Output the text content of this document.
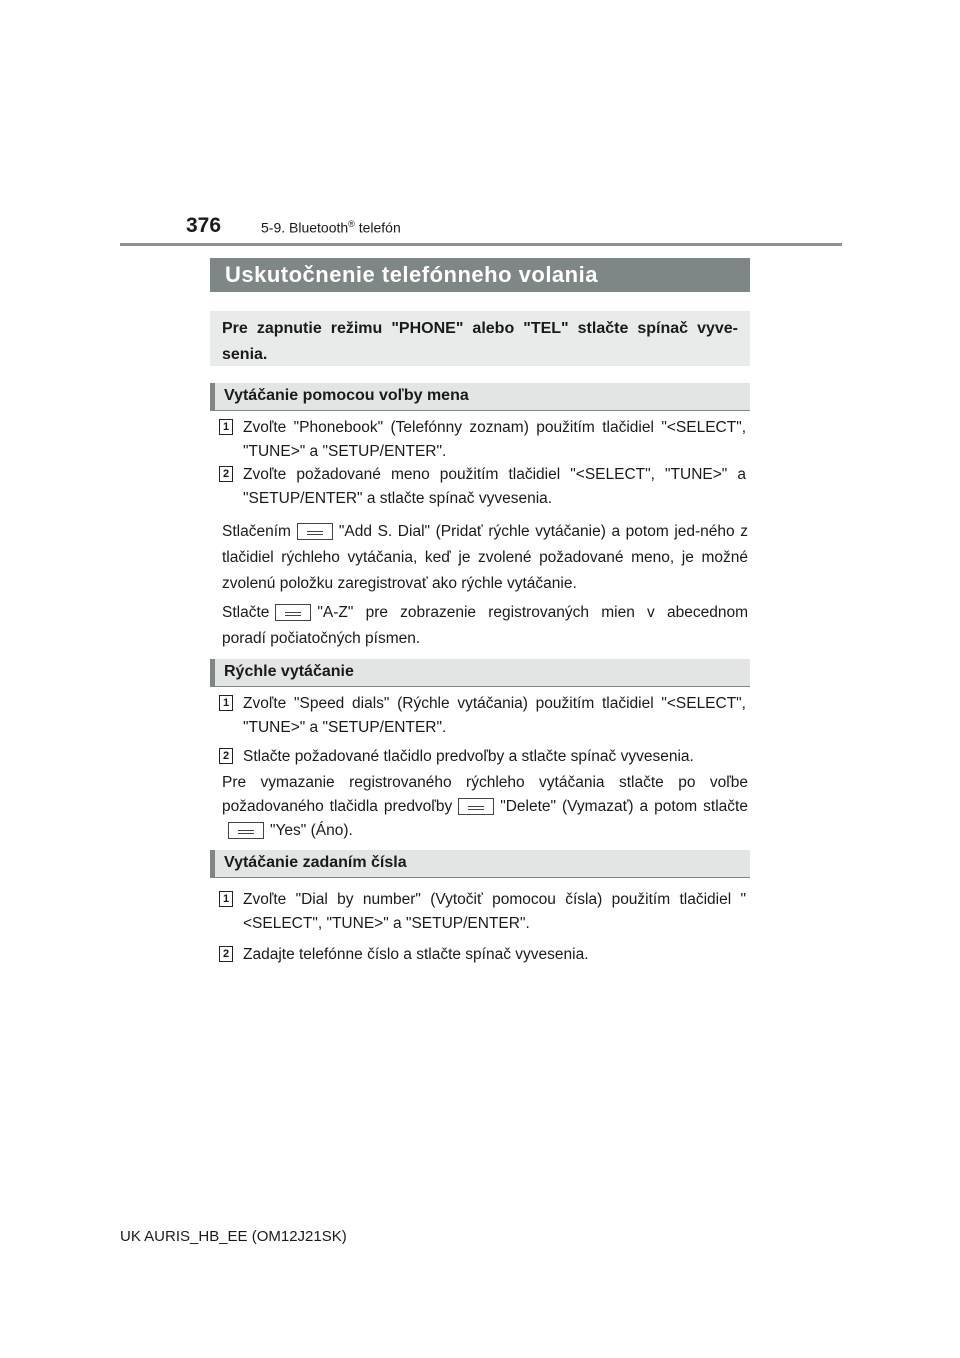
376	5-9. Bluetooth® telefón
Uskutočnenie telefónneho volania
Pre zapnutie režimu "PHONE" alebo "TEL" stlačte spínač vyve-senia.
Vytáčanie pomocou voľby mena
1 Zvoľte "Phonebook" (Telefónny zoznam) použitím tlačidiel "<SELECT", "TUNE>" a "SETUP/ENTER".
2 Zvoľte požadované meno použitím tlačidiel "<SELECT", "TUNE>" a "SETUP/ENTER" a stlačte spínač vyvesenia.
Stlačením	"Add S. Dial" (Pridať rýchle vytáčanie) a potom jed-ného z tlačidiel rýchleho vytáčania, keď je zvolené požadované meno, je možné zvolenú položku zaregistrovať ako rýchle vytáčanie.
Stlačte	"A-Z" pre zobrazenie registrovaných mien v abecednom poradí počiatočných písmen.
Rýchle vytáčanie
1 Zvoľte "Speed dials" (Rýchle vytáčania) použitím tlačidiel "<SELECT", "TUNE>" a "SETUP/ENTER".
2 Stlačte požadované tlačidlo predvoľby a stlačte spínač vyvesenia.
Pre vymazanie registrovaného rýchleho vytáčania stlačte po voľbe požadovaného tlačidla predvoľby	"Delete" (Vymazať) a potom stlačte"Yes" (Áno).
Vytáčanie zadaním čísla
1 Zvoľte "Dial by number" (Vytočiť pomocou čísla) použitím tlačidiel "<SELECT", "TUNE>" a "SETUP/ENTER".
2 Zadajte telefónne číslo a stlačte spínač vyvesenia.
UK AURIS_HB_EE (OM12J21SK)
